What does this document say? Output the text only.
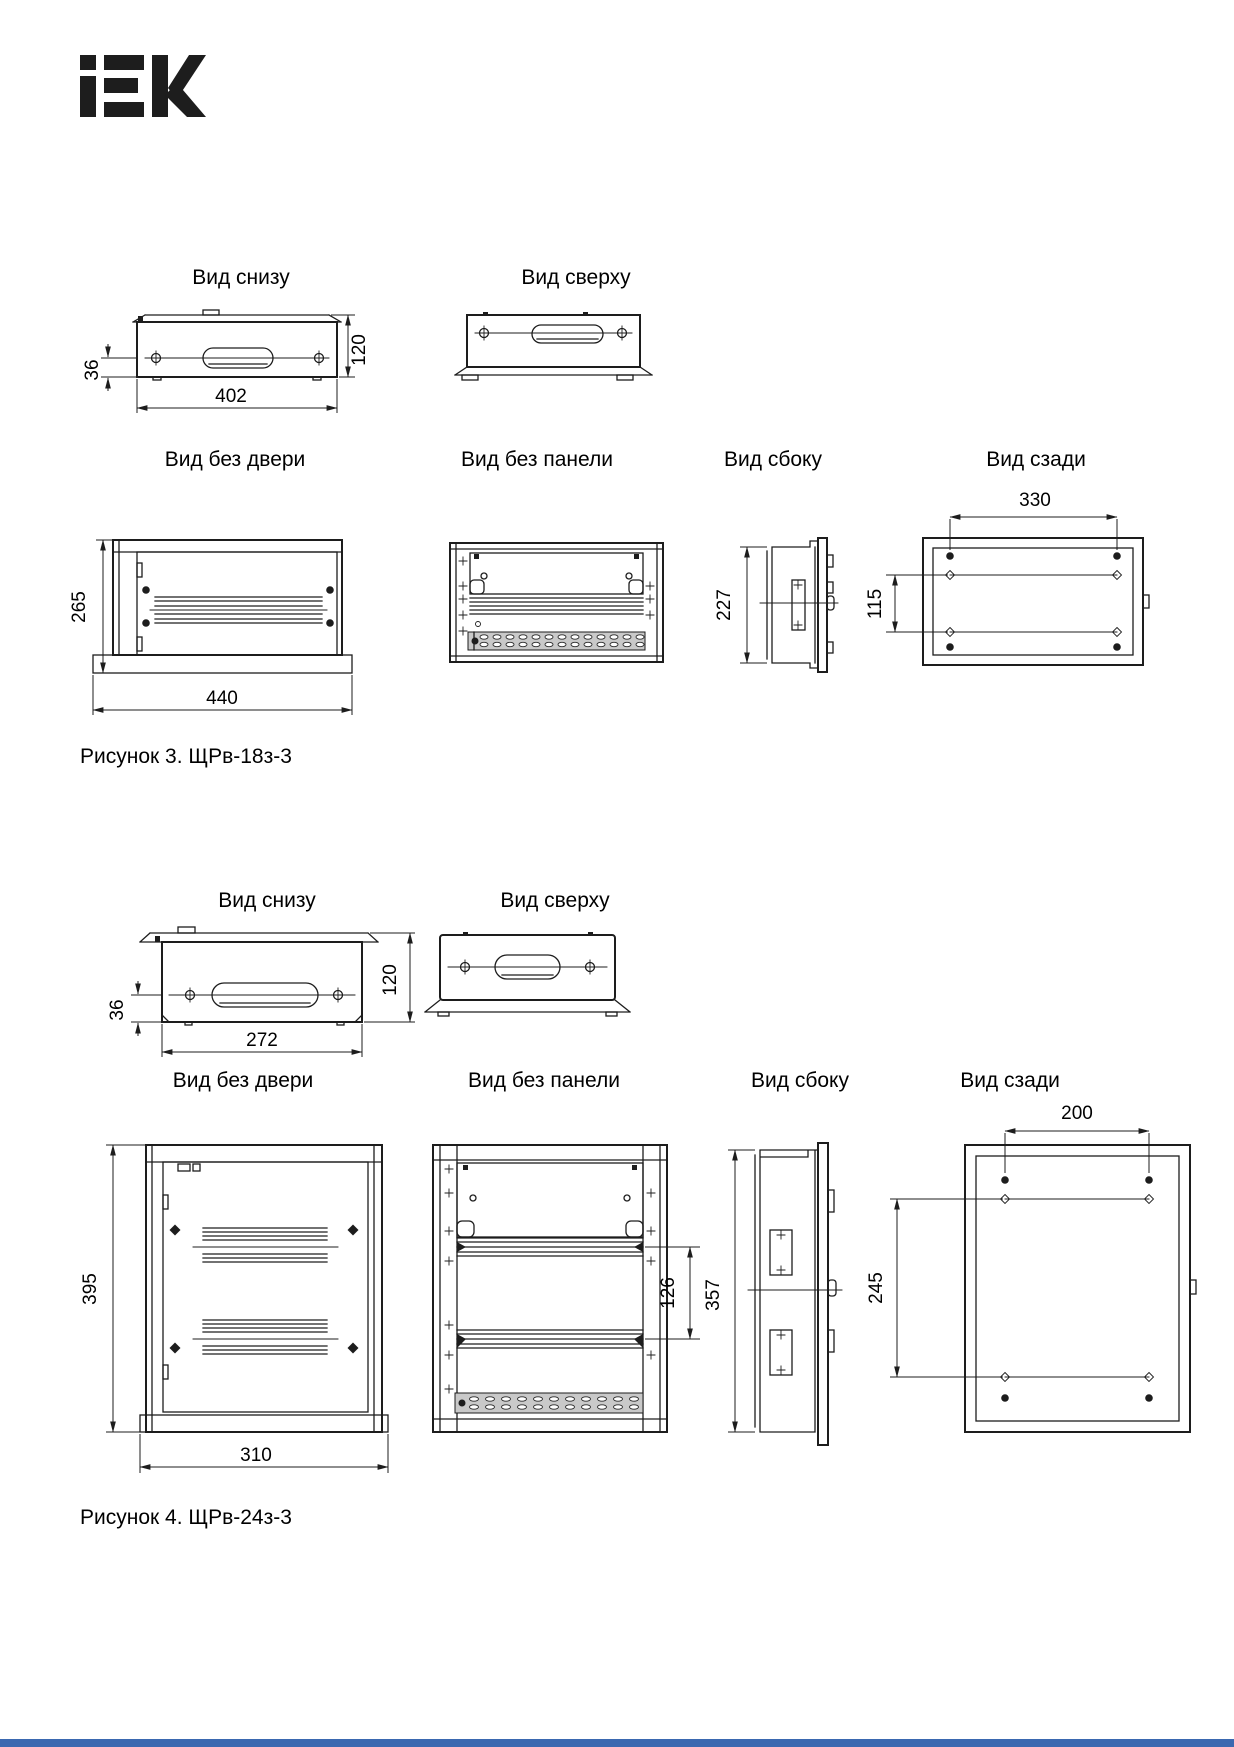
Вид снизу	Вид сверху
36
402
120
Вид без двери	Вид без панели	Вид сбоку	Вид сзади
265
440
227
330
115
Рисунок 3. ЩРв-18з-3
Вид снизу	Вид сверху
36
272
120
Вид без двери	Вид без панели	Вид сбоку	Вид сзади
395
310
126 357
200
245
Рисунок 4. ЩРв-24з-3
